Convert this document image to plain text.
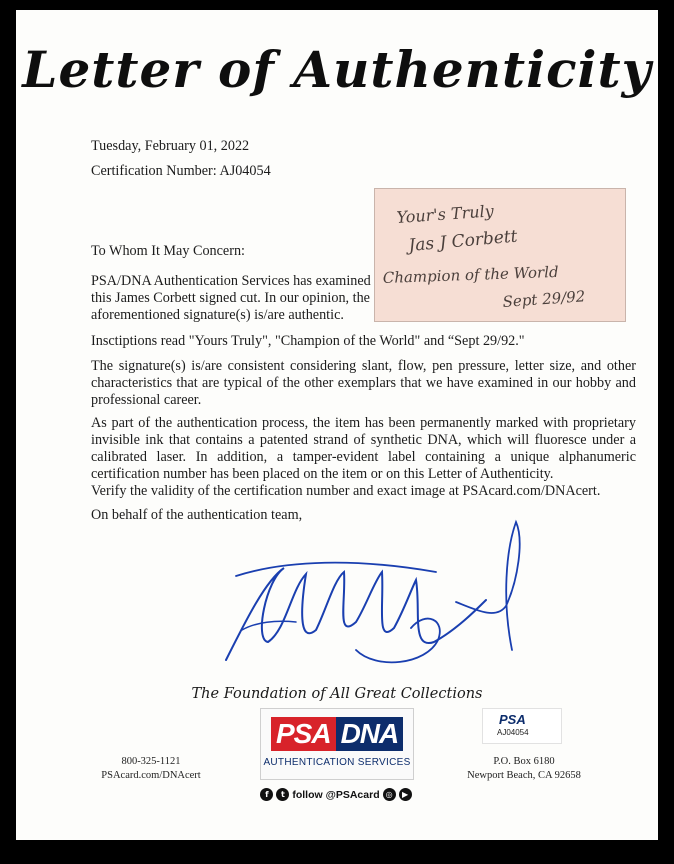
Letter of Authenticity
Tuesday, February 01, 2022
Certification Number: AJ04054
Your's Truly
Jas J Corbett
Champion of the World
Sept 29/92
To Whom It May Concern:
PSA/DNA Authentication Services has examined this James Corbett signed cut. In our opinion, the aforementioned signature(s) is/are authentic.
Insctiptions read "Yours Truly", "Champion of the World" and “Sept 29/92."
The signature(s) is/are consistent considering slant, flow, pen pressure, letter size, and other characteristics that are typical of the other exemplars that we have examined in our hobby and professional career.
As part of the authentication process, the item has been permanently marked with proprietary invisible ink that contains a patented strand of synthetic DNA, which will fluoresce under a calibrated laser. In addition, a tamper-evident label containing a unique alphanumeric certification number has been placed on the item or on this Letter of Authenticity.
Verify the validity of the certification number and exact image at PSAcard.com/DNAcert.
On behalf of the authentication team,
The Foundation of All Great Collections
800-325-1121
PSAcard.com/DNAcert
PSA DNA
AUTHENTICATION SERVICES
f	t follow @PSAcard ◎	▶
PSA
AJ04054
P.O. Box 6180
Newport Beach, CA 92658
